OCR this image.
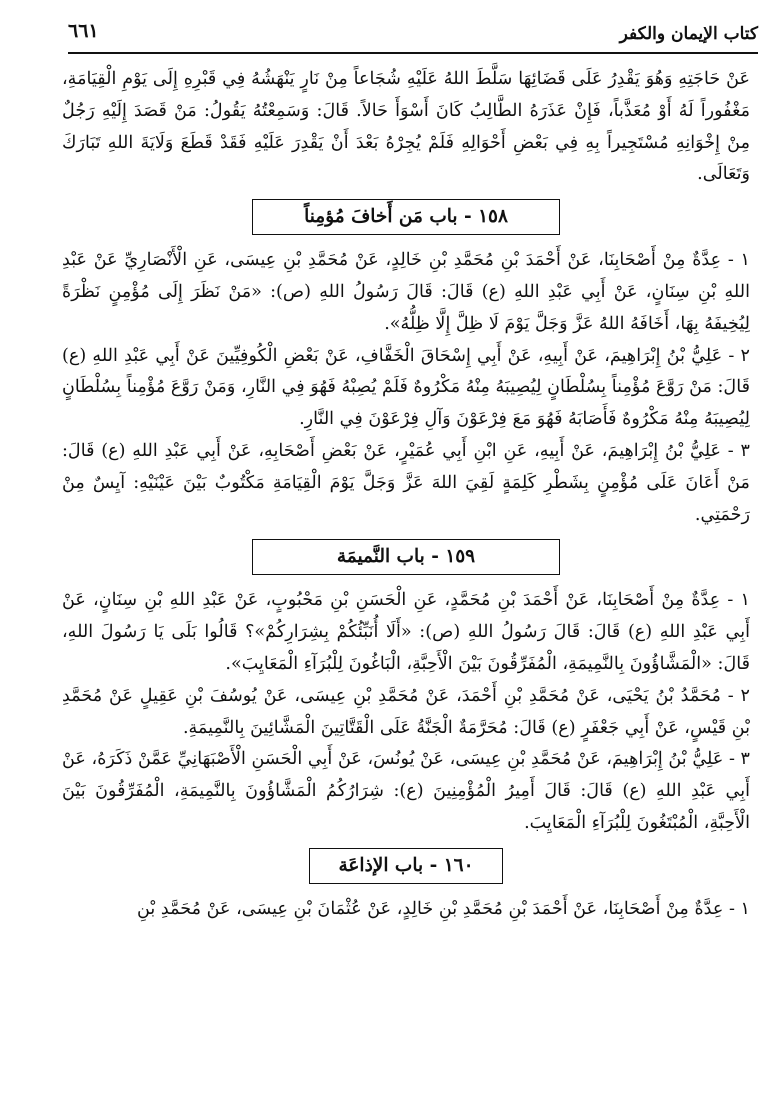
كتاب الإيمان والكفر
٦٦١

عَنْ حَاجَتِهِ وَهُوَ يَقْدِرُ عَلَى قَضَائِهَا سَلَّطَ اللهُ عَلَيْهِ شُجَاعاً مِنْ نَارٍ يَنْهَشُهُ فِي قَبْرِهِ إِلَى يَوْمِ الْقِيَامَةِ، مَغْفُوراً لَهُ أَوْ مُعَذَّباً، فَإِنْ عَذَرَهُ الطَّالِبُ كَانَ أَسْوَأَ حَالاً. قَالَ: وَسَمِعْتُهُ يَقُولُ: مَنْ قَصَدَ إِلَيْهِ رَجُلٌ مِنْ إِخْوَانِهِ مُسْتَجِيراً بِهِ فِي بَعْضِ أَحْوَالِهِ فَلَمْ يُجِرْهُ بَعْدَ أَنْ يَقْدِرَ عَلَيْهِ فَقَدْ قَطَعَ وَلَايَةَ اللهِ تَبَارَكَ وَتَعَالَى.

١٥٨ - باب مَن أَخافَ مُؤمِناً

١ - عِدَّةٌ مِنْ أَصْحَابِنَا، عَنْ أَحْمَدَ بْنِ مُحَمَّدِ بْنِ خَالِدٍ، عَنْ مُحَمَّدِ بْنِ عِيسَى، عَنِ الْأَنْصَارِيِّ عَنْ عَبْدِ اللهِ بْنِ سِنَانٍ، عَنْ أَبِي عَبْدِ اللهِ (ع) قَالَ: قَالَ رَسُولُ اللهِ (ص): «مَنْ نَظَرَ إِلَى مُؤْمِنٍ نَظْرَةً لِيُخِيفَهُ بِهَا، أَخَافَهُ اللهُ عَزَّ وَجَلَّ يَوْمَ لَا ظِلَّ إِلَّا ظِلُّهُ».

٢ - عَلِيُّ بْنُ إِبْرَاهِيمَ، عَنْ أَبِيهِ، عَنْ أَبِي إِسْحَاقَ الْخَفَّافِ، عَنْ بَعْضِ الْكُوفِيِّينَ عَنْ أَبِي عَبْدِ اللهِ (ع) قَالَ: مَنْ رَوَّعَ مُؤْمِناً بِسُلْطَانٍ لِيُصِيبَهُ مِنْهُ مَكْرُوهٌ فَلَمْ يُصِبْهُ فَهُوَ فِي النَّارِ، وَمَنْ رَوَّعَ مُؤْمِناً بِسُلْطَانٍ لِيُصِيبَهُ مِنْهُ مَكْرُوهٌ فَأَصَابَهُ فَهُوَ مَعَ فِرْعَوْنَ وَآلِ فِرْعَوْنَ فِي النَّارِ.

٣ - عَلِيُّ بْنُ إِبْرَاهِيمَ، عَنْ أَبِيهِ، عَنِ ابْنِ أَبِي عُمَيْرٍ، عَنْ بَعْضِ أَصْحَابِهِ، عَنْ أَبِي عَبْدِ اللهِ (ع) قَالَ: مَنْ أَعَانَ عَلَى مُؤْمِنٍ بِشَطْرِ كَلِمَةٍ لَقِيَ اللهَ عَزَّ وَجَلَّ يَوْمَ الْقِيَامَةِ مَكْتُوبٌ بَيْنَ عَيْنَيْهِ: آيِسٌ مِنْ رَحْمَتِي.

١٥٩ - باب النَّميمَة

١ - عِدَّةٌ مِنْ أَصْحَابِنَا، عَنْ أَحْمَدَ بْنِ مُحَمَّدٍ، عَنِ الْحَسَنِ بْنِ مَحْبُوبٍ، عَنْ عَبْدِ اللهِ بْنِ سِنَانٍ، عَنْ أَبِي عَبْدِ اللهِ (ع) قَالَ: قَالَ رَسُولُ اللهِ (ص): «أَلَا أُنَبِّئُكُمْ بِشِرَارِكُمْ»؟ قَالُوا بَلَى يَا رَسُولَ اللهِ، قَالَ: «الْمَشَّاؤُونَ بِالنَّمِيمَةِ، الْمُفَرِّقُونَ بَيْنَ الْأَحِبَّةِ، الْبَاغُونَ لِلْبُرَآءِ الْمَعَايِبَ».

٢ - مُحَمَّدُ بْنُ يَحْيَى، عَنْ مُحَمَّدِ بْنِ أَحْمَدَ، عَنْ مُحَمَّدِ بْنِ عِيسَى، عَنْ يُوسُفَ بْنِ عَقِيلٍ عَنْ مُحَمَّدِ بْنِ قَيْسٍ، عَنْ أَبِي جَعْفَرٍ (ع) قَالَ: مُحَرَّمَةٌ الْجَنَّةُ عَلَى الْقَتَّاتِينَ الْمَشَّائِينَ بِالنَّمِيمَةِ.

٣ - عَلِيُّ بْنُ إِبْرَاهِيمَ، عَنْ مُحَمَّدِ بْنِ عِيسَى، عَنْ يُونُسَ، عَنْ أَبِي الْحَسَنِ الْأَصْبَهَانِيِّ عَمَّنْ ذَكَرَهُ، عَنْ أَبِي عَبْدِ اللهِ (ع) قَالَ: قَالَ أَمِيرُ الْمُؤْمِنِينَ (ع): شِرَارُكُمُ الْمَشَّاؤُونَ بِالنَّمِيمَةِ، الْمُفَرِّقُونَ بَيْنَ الْأَحِبَّةِ، الْمُبْتَغُونَ لِلْبُرَآءِ الْمَعَايِبَ.

١٦٠ - باب الإذاعَة

١ - عِدَّةٌ مِنْ أَصْحَابِنَا، عَنْ أَحْمَدَ بْنِ مُحَمَّدِ بْنِ خَالِدٍ، عَنْ عُثْمَانَ بْنِ عِيسَى، عَنْ مُحَمَّدِ بْنِ
